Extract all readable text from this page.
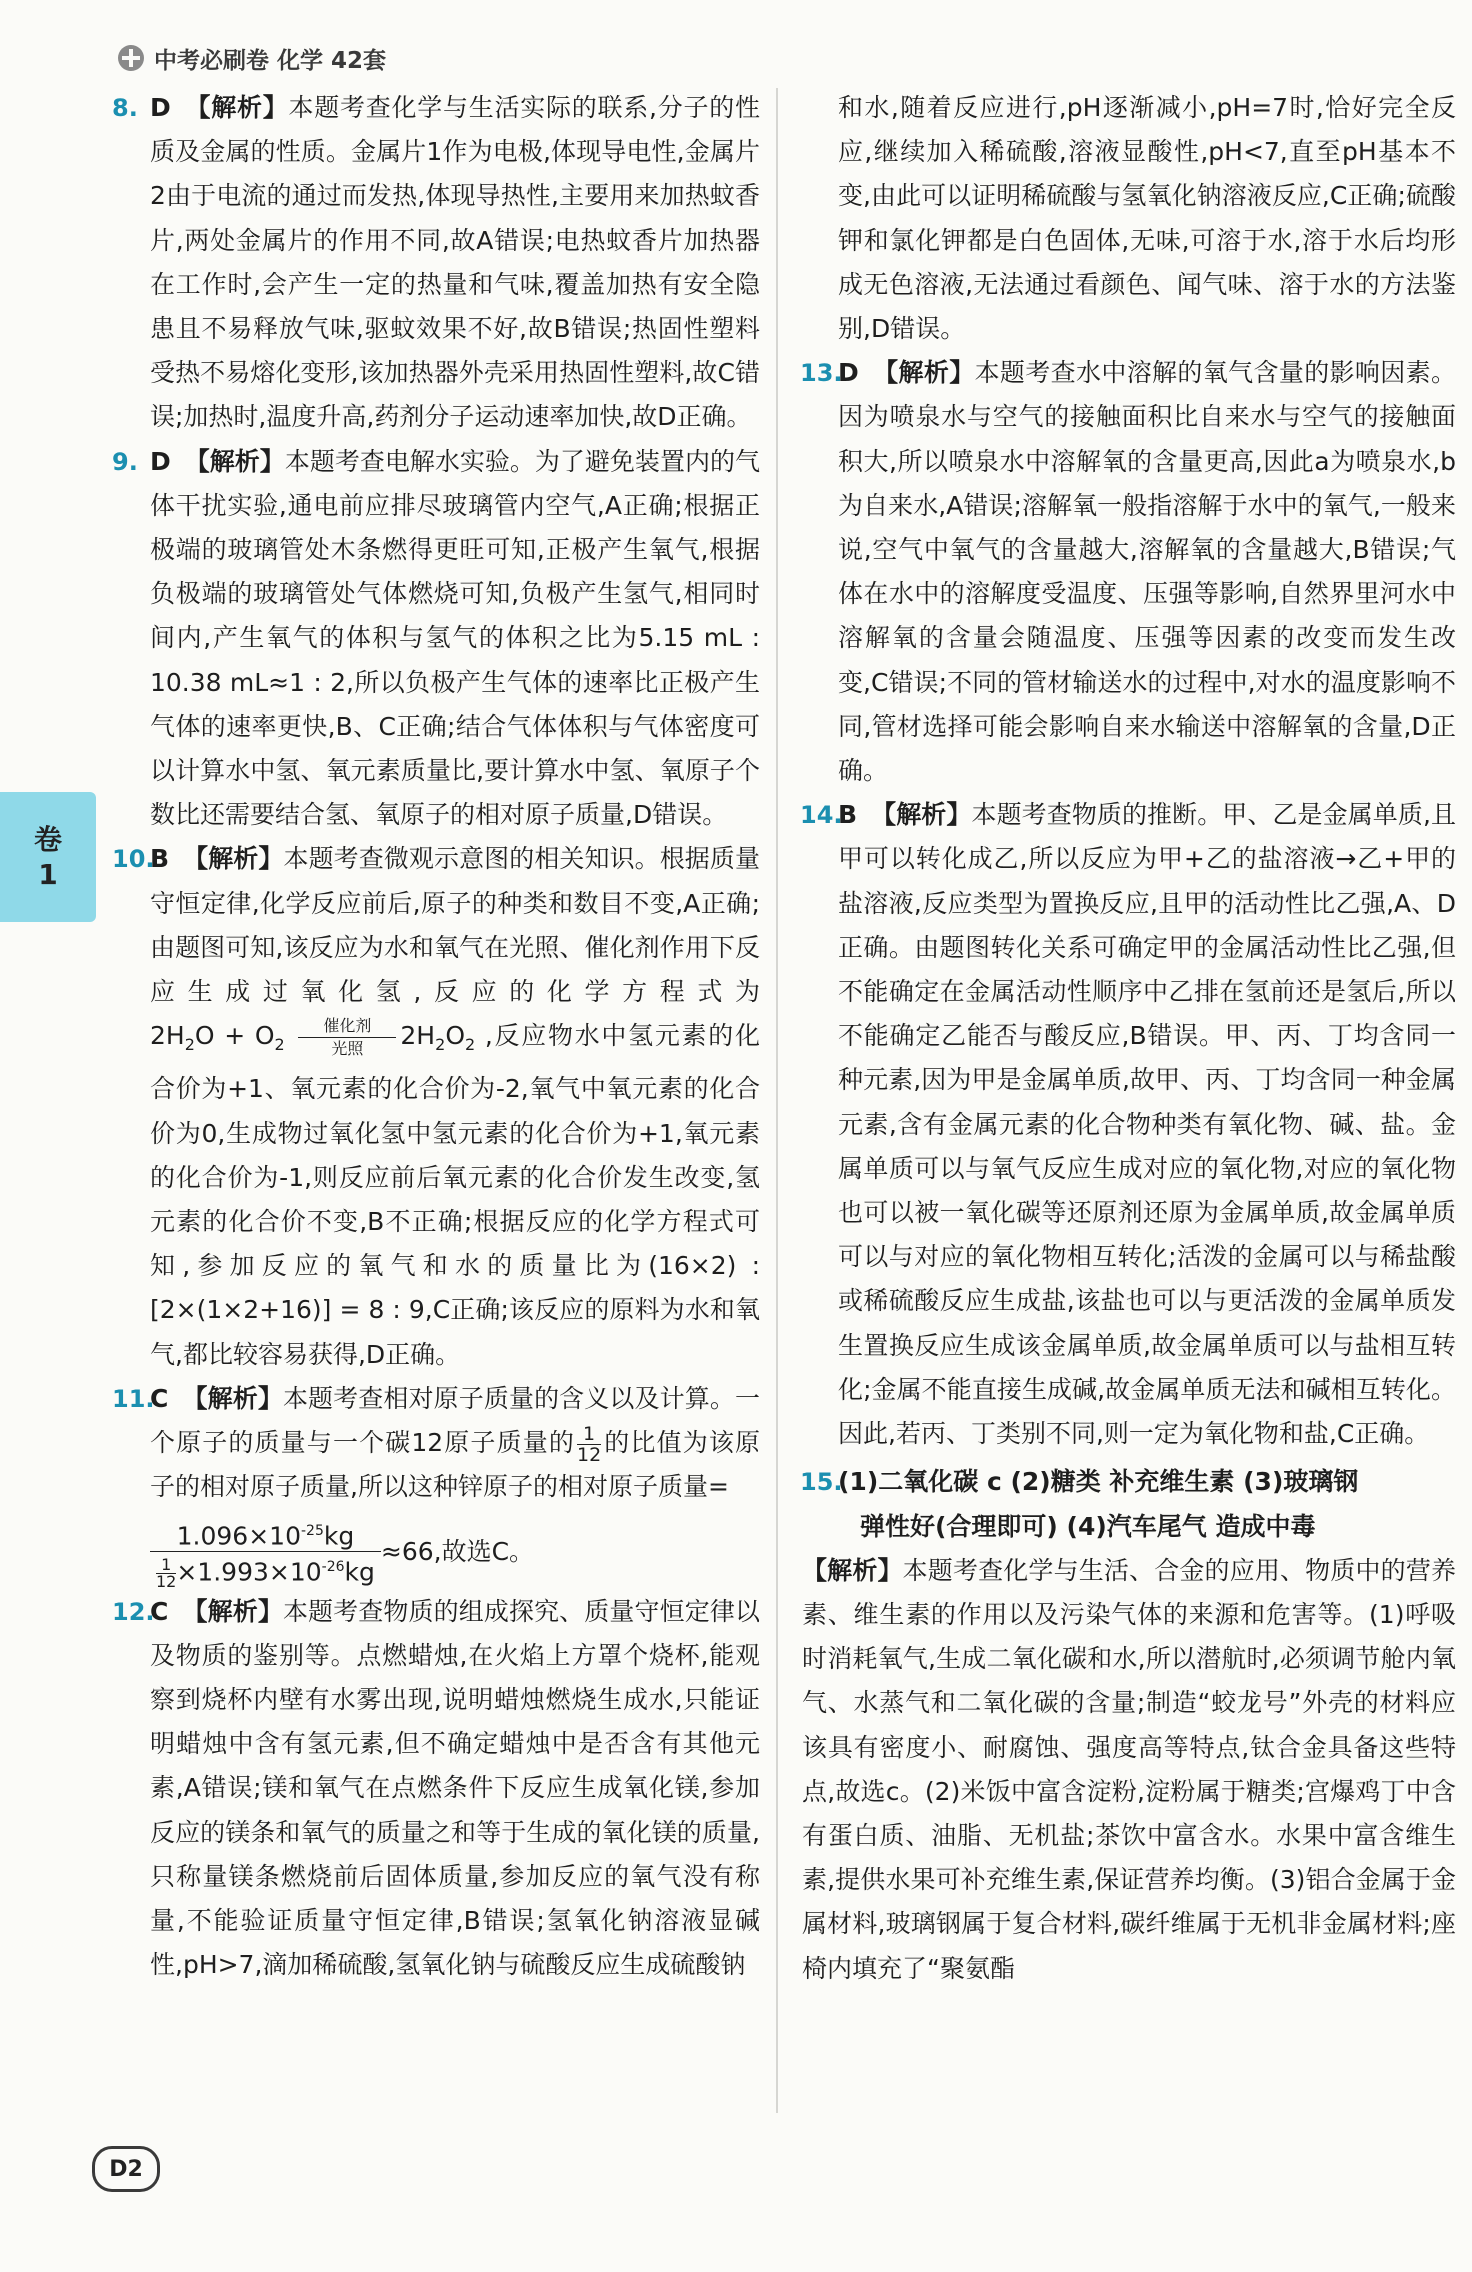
中考必刷卷 化学 42套
卷
1

8. D 【解析】本题考查化学与生活实际的联系,分子的性质及金属的性质。金属片1作为电极,体现导电性,金属片2由于电流的通过而发热,体现导热性,主要用来加热蚊香片,两处金属片的作用不同,故A错误;电热蚊香片加热器在工作时,会产生一定的热量和气味,覆盖加热有安全隐患且不易释放气味,驱蚊效果不好,故B错误;热固性塑料受热不易熔化变形,该加热器外壳采用热固性塑料,故C错误;加热时,温度升高,药剂分子运动速率加快,故D正确。

9. D 【解析】本题考查电解水实验。为了避免装置内的气体干扰实验,通电前应排尽玻璃管内空气,A正确;根据正极端的玻璃管处木条燃得更旺可知,正极产生氧气,根据负极端的玻璃管处气体燃烧可知,负极产生氢气,相同时间内,产生氧气的体积与氢气的体积之比为5.15 mL : 10.38 mL≈1 : 2,所以负极产生气体的速率比正极产生气体的速率更快,B、C正确;结合气体体积与气体密度可以计算水中氢、氧元素质量比,要计算水中氢、氧原子个数比还需要结合氢、氧原子的相对原子质量,D错误。

10.
B 【解析】本题考查微观示意图的相关知识。根据质量守恒定律,化学反应前后,原子的种类和数目不变,A正确;由题图可知,该反应为水和氧气在光照、催化剂作用下反应生成过氧化氢,反应的化学方程式为 $2H_2O + O_2$
催化剂
光照	$2H_2O_2$ ,反应物水中氢元素的化合价为+1、氧元素的化合价为-2,氧气中氧元素的化合价为0,生成物过氧化氢中氢元素的化合价为+1,氧元素的化合价为-1,则反应前后氧元素的化合价发生改变,氢元素的化合价不变,B不正确;根据反应的化学方程式可知,参加反应的氧气和水的质量比为(16×2) : [2×(1×2+16)] = 8 : 9,C正确;该反应的原料为水和氧气,都比较容易获得,D正确。

11.
C 【解析】本题考查相对原子质量的含义以及计算。一个原子的质量与一个碳12原子质量的 $\frac{1}{12}$ 的比值为该原子的相对原子质量,所以这种锌原子的相对原子质量=
$\frac{1.096\times 10^{-25}kg}{\frac{1}{12} \times 1.993\times 10^{-26}kg} \approx 66$,故选C。

12.
C 【解析】本题考查物质的组成探究、质量守恒定律以及物质的鉴别等。点燃蜡烛,在火焰上方罩个烧杯,能观察到烧杯内壁有水雾出现,说明蜡烛燃烧生成水,只能证明蜡烛中含有氢元素,但不确定蜡烛中是否含有其他元素,A错误;镁和氧气在点燃条件下反应生成氧化镁,参加反应的镁条和氧气的质量之和等于生成的氧化镁的质量,只称量镁条燃烧前后固体质量,参加反应的氧气没有称量,不能验证质量守恒定律,B错误;氢氧化钠溶液显碱性,pH>7,滴加稀硫酸,氢氧化钠与硫酸反应生成硫酸钠

和水,随着反应进行,pH逐渐减小,pH=7时,恰好完全反应,继续加入稀硫酸,溶液显酸性,pH<7,直至pH基本不变,由此可以证明稀硫酸与氢氧化钠溶液反应,C正确;硫酸钾和氯化钾都是白色固体,无味,可溶于水,溶于水后均形成无色溶液,无法通过看颜色、闻气味、溶于水的方法鉴别,D错误。

13.
D 【解析】本题考查水中溶解的氧气含量的影响因素。因为喷泉水与空气的接触面积比自来水与空气的接触面积大,所以喷泉水中溶解氧的含量更高,因此a为喷泉水,b为自来水,A错误;溶解氧一般指溶解于水中的氧气,一般来说,空气中氧气的含量越大,溶解氧的含量越大,B错误;气体在水中的溶解度受温度、压强等影响,自然界里河水中溶解氧的含量会随温度、压强等因素的改变而发生改变,C错误;不同的管材输送水的过程中,对水的温度影响不同,管材选择可能会影响自来水输送中溶解氧的含量,D正确。

14.
B 【解析】本题考查物质的推断。甲、乙是金属单质,且甲可以转化成乙,所以反应为甲+乙的盐溶液→乙+甲的盐溶液,反应类型为置换反应,且甲的活动性比乙强,A、D正确。由题图转化关系可确定甲的金属活动性比乙强,但不能确定在金属活动性顺序中乙排在氢前还是氢后,所以不能确定乙能否与酸反应,B错误。甲、丙、丁均含同一种元素,因为甲是金属单质,故甲、丙、丁均含同一种金属元素,含有金属元素的化合物种类有氧化物、碱、盐。金属单质可以与氧气反应生成对应的氧化物,对应的氧化物也可以被一氧化碳等还原剂还原为金属单质,故金属单质可以与对应的氧化物相互转化;活泼的金属可以与稀盐酸或稀硫酸反应生成盐,该盐也可以与更活泼的金属单质发生置换反应生成该金属单质,故金属单质可以与盐相互转化;金属不能直接生成碱,故金属单质无法和碱相互转化。因此,若丙、丁类别不同,则一定为氧化物和盐,C正确。

15.
(1)二氧化碳 c (2)糖类 补充维生素 (3)玻璃钢
弹性好(合理即可) (4)汽车尾气 造成中毒

【解析】本题考查化学与生活、合金的应用、物质中的营养素、维生素的作用以及污染气体的来源和危害等。(1)呼吸时消耗氧气,生成二氧化碳和水,所以潜航时,必须调节舱内氧气、水蒸气和二氧化碳的含量;制造“蛟龙号”外壳的材料应该具有密度小、耐腐蚀、强度高等特点,钛合金具备这些特点,故选c。(2)米饭中富含淀粉,淀粉属于糖类;宫爆鸡丁中含有蛋白质、油脂、无机盐;茶饮中富含水。水果中富含维生素,提供水果可补充维生素,保证营养均衡。(3)铝合金属于金属材料,玻璃钢属于复合材料,碳纤维属于无机非金属材料;座椅内填充了“聚氨酯

D2
